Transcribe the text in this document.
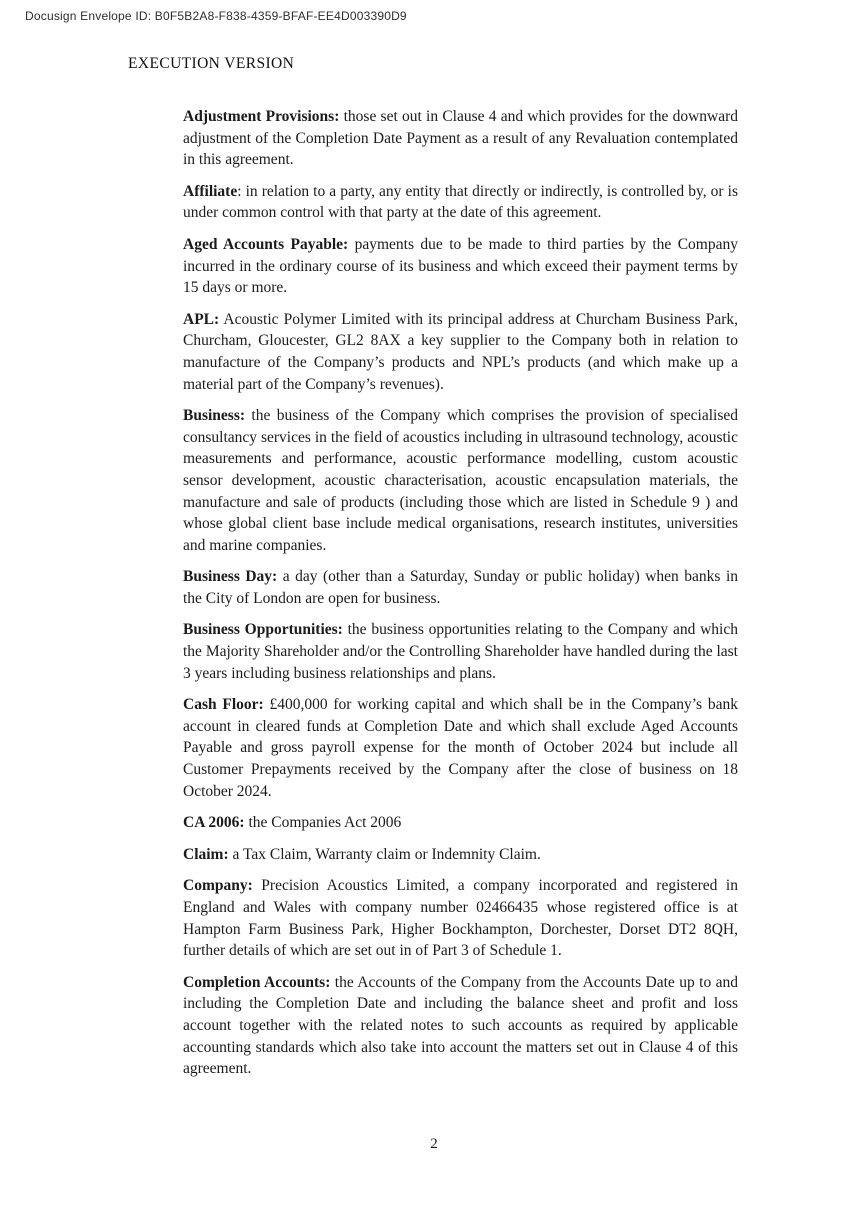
Docusign Envelope ID: B0F5B2A8-F838-4359-BFAF-EE4D003390D9
EXECUTION VERSION

Adjustment Provisions: those set out in Clause 4 and which provides for the downward adjustment of the Completion Date Payment as a result of any Revaluation contemplated in this agreement.

Affiliate: in relation to a party, any entity that directly or indirectly, is controlled by, or is under common control with that party at the date of this agreement.

Aged Accounts Payable: payments due to be made to third parties by the Company incurred in the ordinary course of its business and which exceed their payment terms by 15 days or more.

APL: Acoustic Polymer Limited with its principal address at Churcham Business Park, Churcham, Gloucester, GL2 8AX a key supplier to the Company both in relation to manufacture of the Company’s products and NPL’s products (and which make up a material part of the Company’s revenues).

Business: the business of the Company which comprises the provision of specialised consultancy services in the field of acoustics including in ultrasound technology, acoustic measurements and performance, acoustic performance modelling, custom acoustic sensor development, acoustic characterisation, acoustic encapsulation materials, the manufacture and sale of products (including those which are listed in Schedule 9 ) and whose global client base include medical organisations, research institutes, universities and marine companies.

Business Day: a day (other than a Saturday, Sunday or public holiday) when banks in the City of London are open for business.

Business Opportunities: the business opportunities relating to the Company and which the Majority Shareholder and/or the Controlling Shareholder have handled during the last 3 years including business relationships and plans.

Cash Floor: £400,000 for working capital and which shall be in the Company’s bank account in cleared funds at Completion Date and which shall exclude Aged Accounts Payable and gross payroll expense for the month of October 2024 but include all Customer Prepayments received by the Company after the close of business on 18 October 2024.

CA 2006: the Companies Act 2006

Claim: a Tax Claim, Warranty claim or Indemnity Claim.

Company: Precision Acoustics Limited, a company incorporated and registered in England and Wales with company number 02466435 whose registered office is at Hampton Farm Business Park, Higher Bockhampton, Dorchester, Dorset DT2 8QH, further details of which are set out in of Part 3 of Schedule 1.

Completion Accounts: the Accounts of the Company from the Accounts Date up to and including the Completion Date and including the balance sheet and profit and loss account together with the related notes to such accounts as required by applicable accounting standards which also take into account the matters set out in Clause 4 of this agreement.

2
